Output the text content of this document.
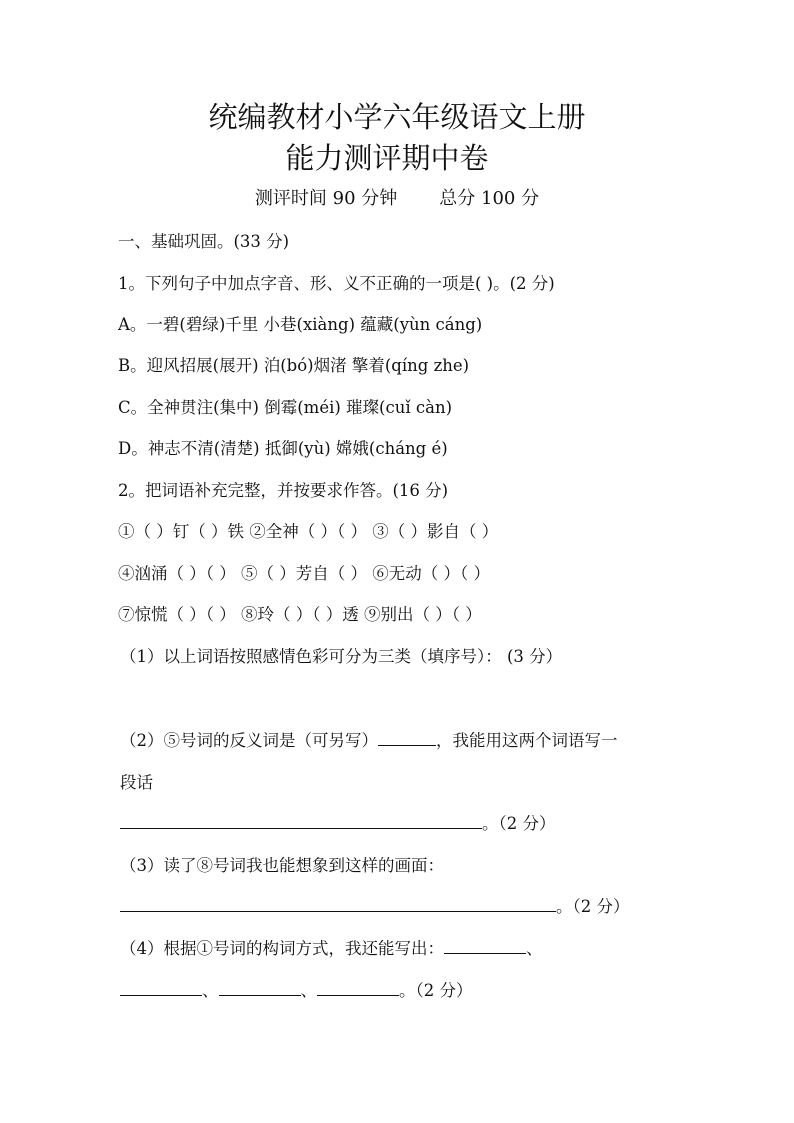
统编教材小学六年级语文上册
能力测评期中卷
测评时间 90 分钟 总分 100 分
一、基础巩固。(33 分)
1。下列句子中加点字音、形、义不正确的一项是( )。(2 分)
A。一碧(碧绿)千里 小巷(xiàng) 蕴藏(yùn cáng)
B。迎风招展(展开) 泊(bó)烟渚 擎着(qíng zhe)
C。全神贯注(集中) 倒霉(méi) 璀璨(cuǐ càn)
D。神志不清(清楚) 抵御(yù) 嫦娥(cháng é)
2。把词语补充完整，并按要求作答。(16 分)
①（ ）钉（ ）铁 ②全神（ ）（ ） ③（ ）影自（ ）
④汹涌（ ）（ ） ⑤（ ）芳自（ ） ⑥无动（ ）（ ）
⑦惊慌（ ）（ ） ⑧玲（ ）（ ）透 ⑨别出（ ）（ ）
（1）以上词语按照感情色彩可分为三类（填序号）： (3 分）
（2）⑤号词的反义词是（可另写）	，我能用这两个词语写一
段话
。（2 分）
（3）读了⑧号词我也能想象到这样的画面：
。（2 分）
（4）根据①号词的构词方式，我还能写出：	、
、	、	。（2 分）
